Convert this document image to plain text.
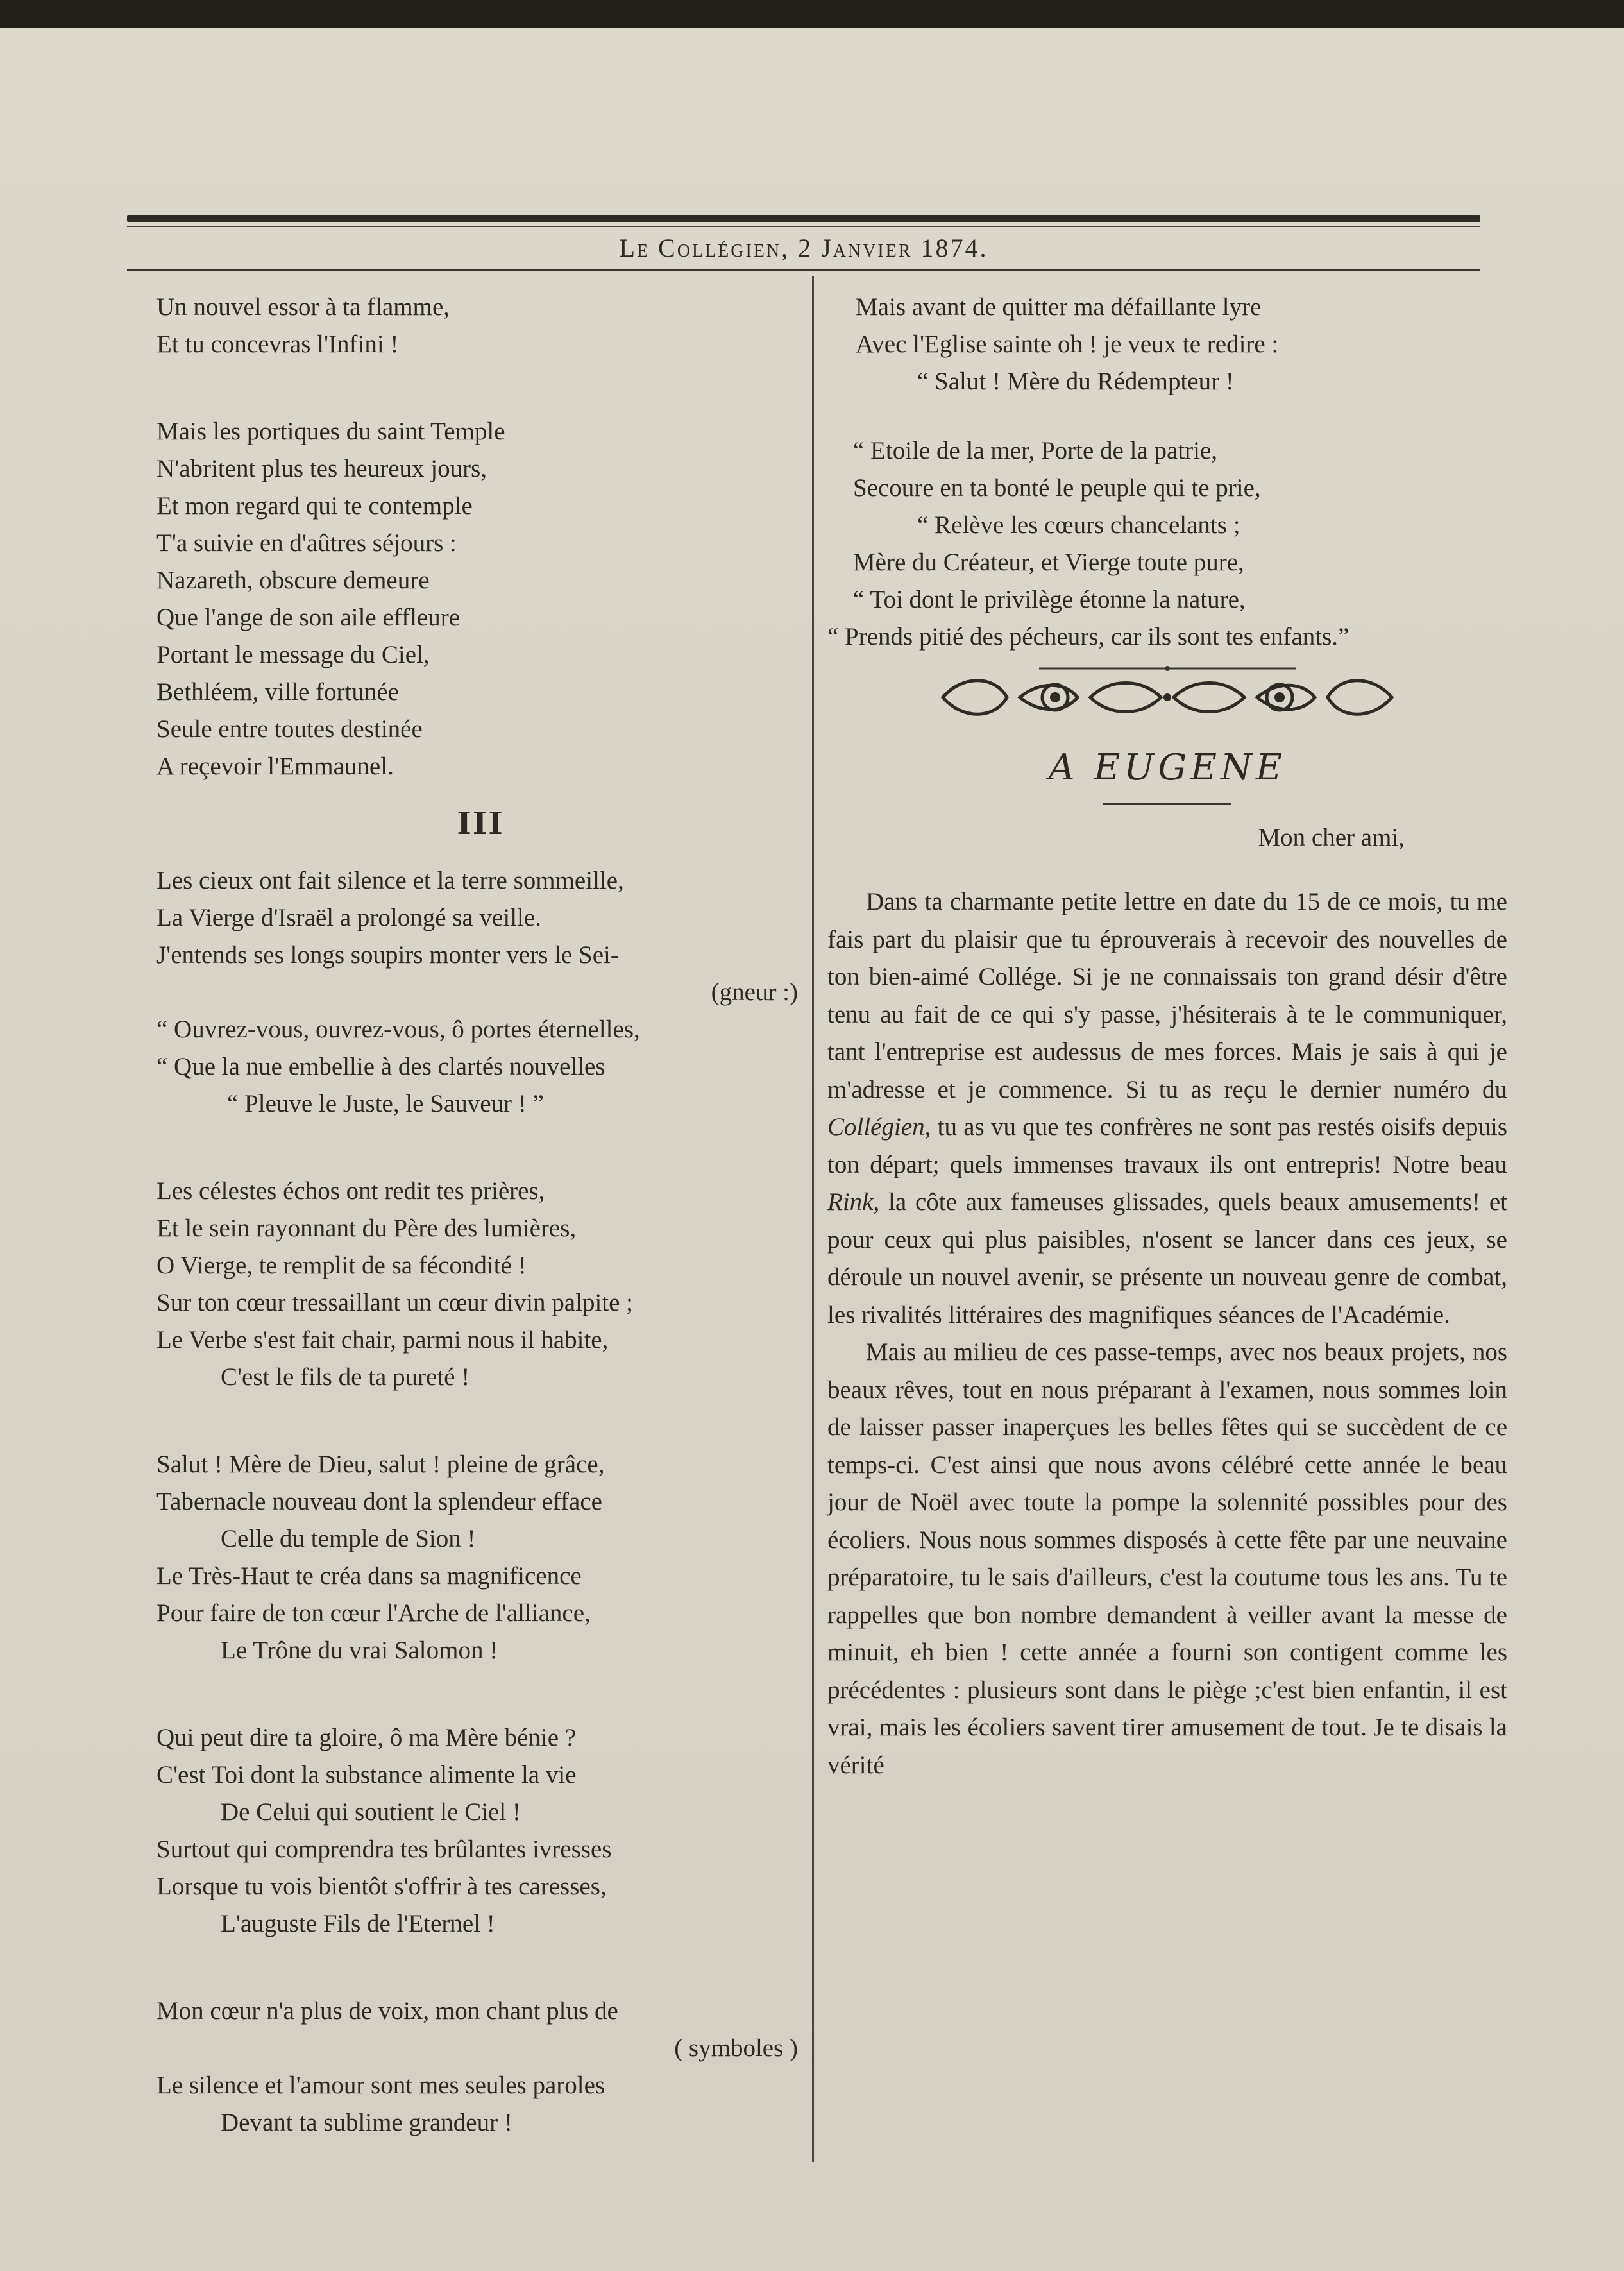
Le Collégien, 2 Janvier 1874.
Un nouvel essor à ta flamme,
Et tu concevras l'Infini !
Mais les portiques du saint Temple
N'abritent plus tes heureux jours,
Et mon regard qui te contemple
T'a suivie en d'aûtres séjours :
Nazareth, obscure demeure
Que l'ange de son aile effleure
Portant le message du Ciel,
Bethléem, ville fortunée
Seule entre toutes destinée
A reçevoir l'Emmaunel.
III
Les cieux ont fait silence et la terre sommeille,
La Vierge d'Israël a prolongé sa veille.
J'entends ses longs soupirs monter vers le Sei-
(gneur :)
“ Ouvrez-vous, ouvrez-vous, ô portes éternelles,
“ Que la nue embellie à des clartés nouvelles
“ Pleuve le Juste, le Sauveur ! ”
Les célestes échos ont redit tes prières,
Et le sein rayonnant du Père des lumières,
O Vierge, te remplit de sa fécondité !
Sur ton cœur tressaillant un cœur divin palpite ;
Le Verbe s'est fait chair, parmi nous il habite,
C'est le fils de ta pureté !
Salut ! Mère de Dieu, salut ! pleine de grâce,
Tabernacle nouveau dont la splendeur efface
Celle du temple de Sion !
Le Très-Haut te créa dans sa magnificence
Pour faire de ton cœur l'Arche de l'alliance,
Le Trône du vrai Salomon !
Qui peut dire ta gloire, ô ma Mère bénie ?
C'est Toi dont la substance alimente la vie
De Celui qui soutient le Ciel !
Surtout qui comprendra tes brûlantes ivresses
Lorsque tu vois bientôt s'offrir à tes caresses,
L'auguste Fils de l'Eternel !
Mon cœur n'a plus de voix, mon chant plus de
( symboles )
Le silence et l'amour sont mes seules paroles
Devant ta sublime grandeur !
Mais avant de quitter ma défaillante lyre
Avec l'Eglise sainte oh ! je veux te redire :
“ Salut ! Mère du Rédempteur !
“ Etoile de la mer, Porte de la patrie,
Secoure en ta bonté le peuple qui te prie,
“ Relève les cœurs chancelants ;
Mère du Créateur, et Vierge toute pure,
“ Toi dont le privilège étonne la nature,
“ Prends pitié des pécheurs, car ils sont tes enfants.”
A EUGENE
Mon cher ami,

Dans ta charmante petite lettre en date du 15 de ce mois, tu me fais part du plaisir que tu éprouverais à recevoir des nouvelles de ton bien-aimé Collége. Si je ne connaissais ton grand désir d'être tenu au fait de ce qui s'y passe, j'hésiterais à te le communiquer, tant l'entreprise est audessus de mes forces. Mais je sais à qui je m'adresse et je commence. Si tu as reçu le dernier numéro du Collégien, tu as vu que tes confrères ne sont pas restés oisifs depuis ton départ; quels immenses travaux ils ont entrepris! Notre beau Rink, la côte aux fameuses glissades, quels beaux amusements! et pour ceux qui plus paisibles, n'osent se lancer dans ces jeux, se déroule un nouvel avenir, se présente un nouveau genre de combat, les rivalités littéraires des magnifiques séances de l'Académie.

Mais au milieu de ces passe-temps, avec nos beaux projets, nos beaux rêves, tout en nous préparant à l'examen, nous sommes loin de laisser passer inaperçues les belles fêtes qui se succèdent de ce temps-ci. C'est ainsi que nous avons célébré cette année le beau jour de Noël avec toute la pompe la solennité possibles pour des écoliers. Nous nous sommes disposés à cette fête par une neuvaine préparatoire, tu le sais d'ailleurs, c'est la coutume tous les ans. Tu te rappelles que bon nombre demandent à veiller avant la messe de minuit, eh bien ! cette année a fourni son contigent comme les précédentes : plusieurs sont dans le piège ;c'est bien enfantin, il est vrai, mais les écoliers savent tirer amusement de tout. Je te disais la vérité
